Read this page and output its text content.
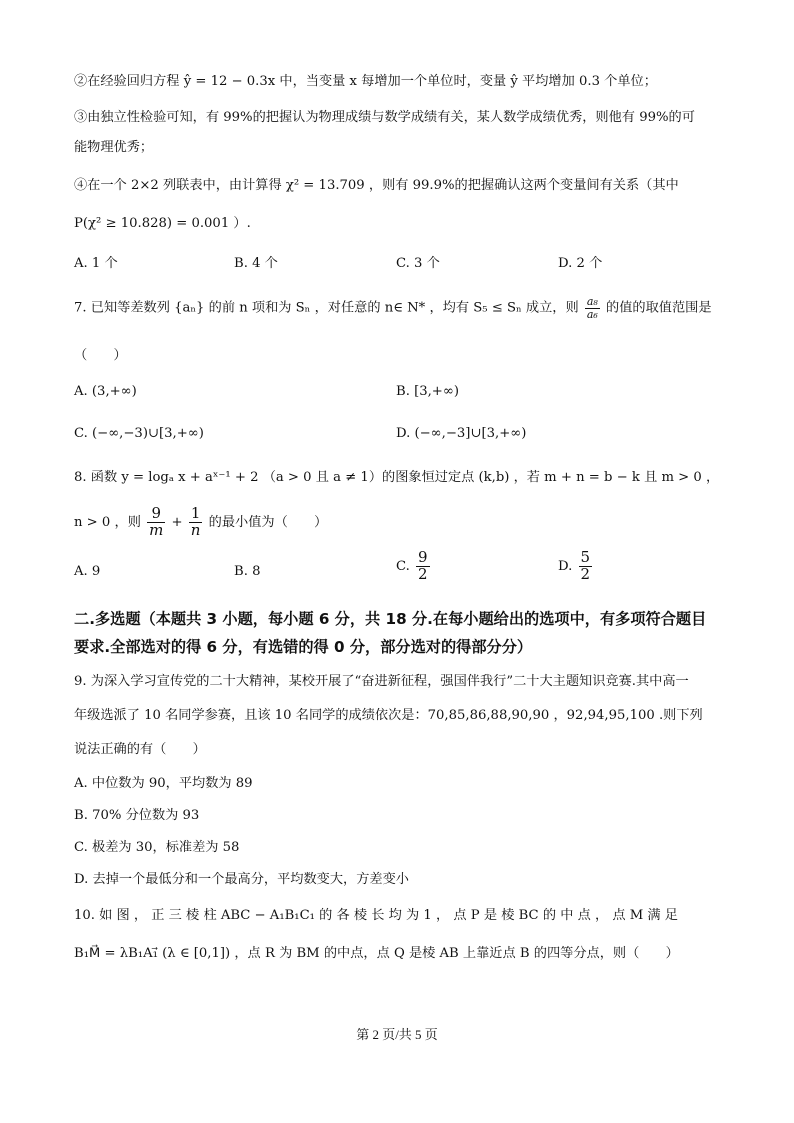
②在经验回归方程 ŷ = 12 − 0.3x 中，当变量 x 每增加一个单位时，变量 ŷ 平均增加 0.3 个单位；
③由独立性检验可知，有 99%的把握认为物理成绩与数学成绩有关，某人数学成绩优秀，则他有 99%的可
能物理优秀；
④在一个 2×2 列联表中，由计算得 χ² = 13.709 ，则有 99.9%的把握确认这两个变量间有关系（其中
P(χ² ≥ 10.828) = 0.001 ）.
A. 1 个	B. 4 个	C. 3 个	D. 2 个
7. 已知等差数列 {aₙ} 的前 n 项和为 Sₙ ，对任意的 n∈ N* ，均有 S₅ ≤ Sₙ 成立，则 $\frac{\text{a₈}}{\text{a₆}}$ 的值的取值范围是
（　　）
A. (3,+∞)	B. [3,+∞)
C. (−∞,−3)∪[3,+∞)	D. (−∞,−3]∪[3,+∞)
8. 函数 y = logₐ x + aˣ⁻¹ + 2 （a > 0 且 a ≠ 1）的图象恒过定点 (k,b) ，若 m + n = b − k 且 m > 0 ，
n > 0 ，则 $\frac{9}{m} + \frac{1}{n}$ 的最小值为（　　）
A. 9	B. 8	C. $\frac{9}{2}$	D. $\frac{5}{2}$
二.多选题（本题共 3 小题，每小题 6 分，共 18 分.在每小题给出的选项中，有多项符合题目
要求.全部选对的得 6 分，有选错的得 0 分，部分选对的得部分分）
9. 为深入学习宣传党的二十大精神，某校开展了“奋进新征程，强国伴我行”二十大主题知识竞赛.其中高一
年级选派了 10 名同学参赛，且该 10 名同学的成绩依次是：70,85,86,88,90,90 ，92,94,95,100 .则下列
说法正确的有（　　）
A. 中位数为 90，平均数为 89
B. 70% 分位数为 93
C. 极差为 30，标准差为 58
D. 去掉一个最低分和一个最高分，平均数变大，方差变小
10. 如 图 ， 正 三 棱 柱 ABC − A₁B₁C₁ 的 各 棱 长 均 为 1 ， 点 P 是 棱 BC 的 中 点 ， 点 M 满 足
B₁M⃗ = λB₁A₁⃗ (λ ∈ [0,1]) ，点 R 为 BM 的中点，点 Q 是棱 AB 上靠近点 B 的四等分点，则（　　）
第 2 页/共 5 页
